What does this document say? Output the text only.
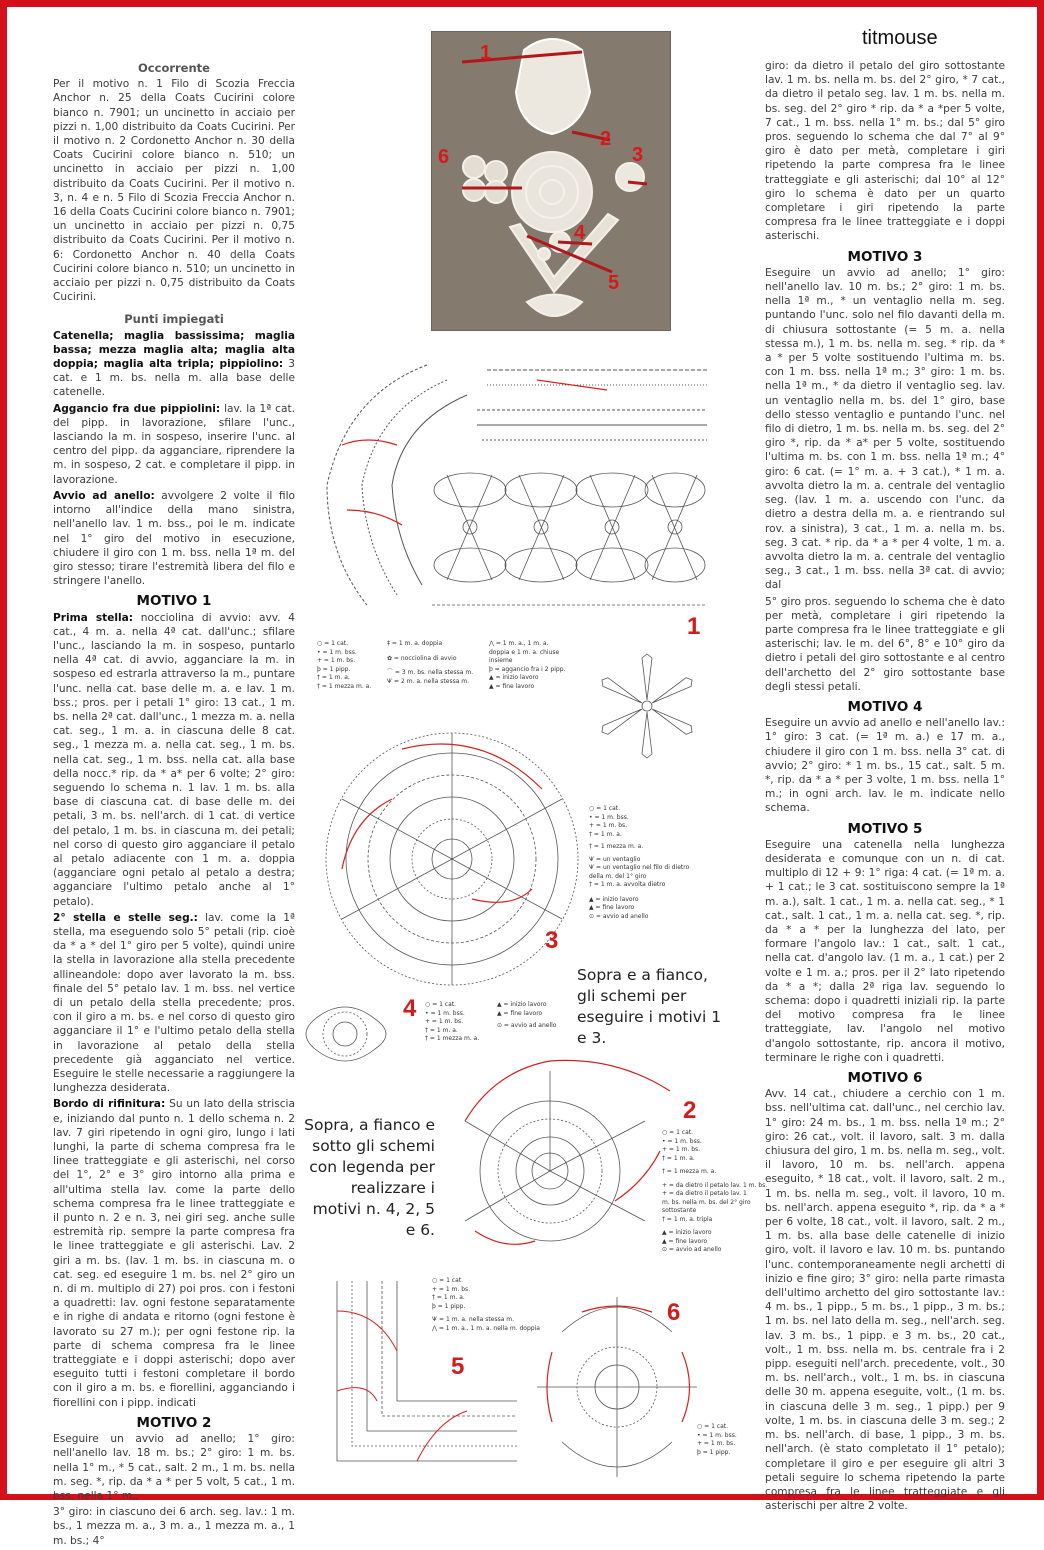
titmouse
Occorrente

Per il motivo n. 1 Filo di Scozia Freccia Anchor n. 25 della Coats Cucirini colore bianco n. 7901; un uncinetto in acciaio per pizzi n. 1,00 distribuito da Coats Cucirini. Per il motivo n. 2 Cordonetto Anchor n. 30 della Coats Cucirini colore bianco n. 510; un uncinetto in acciaio per pizzi n. 1,00 distribuito da Coats Cucirini. Per il motivo n. 3, n. 4 e n. 5 Filo di Scozia Freccia Anchor n. 16 della Coats Cucirini colore bianco n. 7901; un uncinetto in acciaio per pizzi n. 0,75 distribuito da Coats Cucirini. Per il motivo n. 6: Cordonetto Anchor n. 40 della Coats Cucirini colore bianco n. 510; un uncinetto in acciaio per pizzi n. 0,75 distribuito da Coats Cucirini.

Punti impiegati

Catenella; maglia bassissima; maglia bassa; mezza maglia alta; maglia alta doppia; maglia alta tripla; pippiolino: 3 cat. e 1 m. bs. nella m. alla base delle catenelle.

Aggancio fra due pippiolini: lav. la 1ª cat. del pipp. in lavorazione, sfilare l'unc., lasciando la m. in sospeso, inserire l'unc. al centro del pipp. da agganciare, riprendere la m. in sospeso, 2 cat. e completare il pipp. in lavorazione.

Avvio ad anello: avvolgere 2 volte il filo intorno all'indice della mano sinistra, nell'anello lav. 1 m. bss., poi le m. indicate nel 1° giro del motivo in esecuzione, chiudere il giro con 1 m. bss. nella 1ª m. del giro stesso; tirare l'estremità libera del filo e stringere l'anello.

MOTIVO 1

Prima stella: nocciolina di avvio: avv. 4 cat., 4 m. a. nella 4ª cat. dall'unc.; sfilare l'unc., lasciando la m. in sospeso, puntarlo nella 4ª cat. di avvio, agganciare la m. in sospeso ed estrarla attraverso la m., puntare l'unc. nella cat. base delle m. a. e lav. 1 m. bss.; pros. per i petali 1° giro: 13 cat., 1 m. bs. nella 2ª cat. dall'unc., 1 mezza m. a. nella cat. seg., 1 m. a. in ciascuna delle 8 cat. seg., 1 mezza m. a. nella cat. seg., 1 m. bs. nella cat. seg., 1 m. bss. nella cat. alla base della nocc.* rip. da * a* per 6 volte; 2° giro: seguendo lo schema n. 1 lav. 1 m. bs. alla base di ciascuna cat. di base delle m. dei petali, 3 m. bs. nell'arch. di 1 cat. di vertice del petalo, 1 m. bs. in ciascuna m. dei petali; nel corso di questo giro agganciare il petalo al petalo adiacente con 1 m. a. doppia (agganciare ogni petalo al petalo a destra; agganciare l'ultimo petalo anche al 1° petalo).

2° stella e stelle seg.: lav. come la 1ª stella, ma eseguendo solo 5° petali (rip. cioè da * a * del 1° giro per 5 volte), quindi unire la stella in lavorazione alla stella precedente allineandole: dopo aver lavorato la m. bss. finale del 5° petalo lav. 1 m. bss. nel vertice di un petalo della stella precedente; pros. con il giro a m. bs. e nel corso di questo giro agganciare il 1° e l'ultimo petalo della stella in lavorazione al petalo della stella precedente già agganciato nel vertice. Eseguire le stelle necessarie a raggiungere la lunghezza desiderata.

Bordo di rifinitura: Su un lato della striscia e, iniziando dal punto n. 1 dello schema n. 2 lav. 7 giri ripetendo in ogni giro, lungo i lati lunghi, la parte di schema compresa fra le linee tratteggiate e gli asterischi, nel corso del 1°, 2° e 3° giro intorno alla prima e all'ultima stella lav. come la parte dello schema compresa fra le linee tratteggiate e il punto n. 2 e n. 3, nei giri seg. anche sulle estremità rip. sempre la parte compresa fra le linee tratteggiate e gli asterischi. Lav. 2 giri a m. bs. (lav. 1 m. bs. in ciascuna m. o cat. seg. ed eseguire 1 m. bs. nel 2° giro un n. di m. multiplo di 27) poi pros. con i festoni a quadretti: lav. ogni festone separatamente e in righe di andata e ritorno (ogni festone è lavorato su 27 m.); per ogni festone rip. la parte di schema compresa fra le linee tratteggiate e i doppi asterischi; dopo aver eseguito tutti i festoni completare il bordo con il giro a m. bs. e fiorellini, agganciando i fiorellini con i pipp. indicati

MOTIVO 2

Eseguire un avvio ad anello; 1° giro: nell'anello lav. 18 m. bs.; 2° giro: 1 m. bs. nella 1° m., * 5 cat., salt. 2 m., 1 m. bs. nella m. seg. *, rip. da * a * per 5 volt, 5 cat., 1 m. bss. nella 1° m.,

3° giro: in ciascuno dei 6 arch. seg. lav.: 1 m. bs., 1 mezza m. a., 3 m. a., 1 mezza m. a., 1 m. bs.; 4°

giro: da dietro il petalo del giro sottostante lav. 1 m. bs. nella m. bs. del 2° giro, * 7 cat., da dietro il petalo seg. lav. 1 m. bs. nella m. bs. seg. del 2° giro * rip. da * a *per 5 volte, 7 cat., 1 m. bss. nella 1° m. bs.; dal 5° giro pros. seguendo lo schema che dal 7° al 9° giro è dato per metà, completare i giri ripetendo la parte compresa fra le linee tratteggiate e gli asterischi; dal 10° al 12° giro lo schema è dato per un quarto completare i giri ripetendo la parte compresa fra le linee tratteggiate e i doppi asterischi.

MOTIVO 3

Eseguire un avvio ad anello; 1° giro: nell'anello lav. 10 m. bs.; 2° giro: 1 m. bs. nella 1ª m., * un ventaglio nella m. seg. puntando l'unc. solo nel filo davanti della m. di chiusura sottostante (= 5 m. a. nella stessa m.), 1 m. bs. nella m. seg. * rip. da * a * per 5 volte sostituendo l'ultima m. bs. con 1 m. bss. nella 1ª m.; 3° giro: 1 m. bs. nella 1ª m., * da dietro il ventaglio seg. lav. un ventaglio nella m. bs. del 1° giro, base dello stesso ventaglio e puntando l'unc. nel filo di dietro, 1 m. bs. nella m. bs. seg. del 2° giro *, rip. da * a* per 5 volte, sostituendo l'ultima m. bs. con 1 m. bss. nella 1ª m.; 4° giro: 6 cat. (= 1° m. a. + 3 cat.), * 1 m. a. avvolta dietro la m. a. centrale del ventaglio seg. (lav. 1 m. a. uscendo con l'unc. da dietro a destra della m. a. e rientrando sul rov. a sinistra), 3 cat., 1 m. a. nella m. bs. seg. 3 cat. * rip. da * a * per 4 volte, 1 m. a. avvolta dietro la m. a. centrale del ventaglio seg., 3 cat., 1 m. bss. nella 3ª cat. di avvio; dal

5° giro pros. seguendo lo schema che è dato per metà, completare i giri ripetendo la parte compresa fra le linee tratteggiate e gli asterischi; lav. le m. del 6°, 8° e 10° giro da dietro i petali del giro sottostante e al centro dell'archetto del 2° giro sottostante base degli stessi petali.

MOTIVO 4

Eseguire un avvio ad anello e nell'anello lav.: 1° giro: 3 cat. (= 1ª m. a.) e 17 m. a., chiudere il giro con 1 m. bss. nella 3° cat. di avvio; 2° giro: * 1 m. bs., 15 cat., salt. 5 m. *, rip. da * a * per 3 volte, 1 m. bss. nella 1° m.; in ogni arch. lav. le m. indicate nello schema.

MOTIVO 5

Eseguire una catenella nella lunghezza desiderata e comunque con un n. di cat. multiplo di 12 + 9: 1° riga: 4 cat. (= 1ª m. a. + 1 cat.; le 3 cat. sostituiscono sempre la 1ª m. a.), salt. 1 cat., 1 m. a. nella cat. seg., * 1 cat., salt. 1 cat., 1 m. a. nella cat. seg. *, rip. da * a * per la lunghezza del lato, per formare l'angolo lav.: 1 cat., salt. 1 cat., nella cat. d'angolo lav. (1 m. a., 1 cat.) per 2 volte e 1 m. a.; pros. per il 2° lato ripetendo da * a *; dalla 2ª riga lav. seguendo lo schema: dopo i quadretti iniziali rip. la parte del motivo compresa fra le linee tratteggiate, lav. l'angolo nel motivo d'angolo sottostante, rip. ancora il motivo, terminare le righe con i quadretti.

MOTIVO 6

Avv. 14 cat., chiudere a cerchio con 1 m. bss. nell'ultima cat. dall'unc., nel cerchio lav. 1° giro: 24 m. bs., 1 m. bss. nella 1ª m.; 2° giro: 26 cat., volt. il lavoro, salt. 3 m. dalla chiusura del giro, 1 m. bs. nella m. seg., volt. il lavoro, 10 m. bs. nell'arch. appena eseguito, * 18 cat., volt. il lavoro, salt. 2 m., 1 m. bs. nella m. seg., volt. il lavoro, 10 m. bs. nell'arch. appena eseguito *, rip. da * a * per 6 volte, 18 cat., volt. il lavoro, salt. 2 m., 1 m. bs. alla base delle catenelle di inizio giro, volt. il lavoro e lav. 10 m. bs. puntando l'unc. contemporaneamente negli archetti di inizio e fine giro; 3° giro: nella parte rimasta dell'ultimo archetto del giro sottostante lav.: 4 m. bs., 1 pipp., 5 m. bs., 1 pipp., 3 m. bs.; 1 m. bs. nel lato della m. seg., nell'arch. seg. lav. 3 m. bs., 1 pipp. e 3 m. bs., 20 cat., volt., 1 m. bss. nella m. bs. centrale fra i 2 pipp. eseguiti nell'arch. precedente, volt., 30 m. bs. nell'arch., volt., 1 m. bs. in ciascuna delle 30 m. appena eseguite, volt., (1 m. bs. in ciascuna delle 3 m. seg., 1 pipp.) per 9 volte, 1 m. bs. in ciascuna delle 3 m. seg.; 2 m. bs. nell'arch. di base, 1 pipp., 3 m. bs. nell'arch. (è stato completato il 1° petalo); completare il giro e per eseguire gli altri 3 petali seguire lo schema ripetendo la parte compresa fra le linee tratteggiate e gli asterischi per altre 2 volte.

1
2
3
4
5
6
1
○ = 1 cat.
• = 1 m. bss.
+ = 1 m. bs.
ϸ = 1 pipp.
† = 1 m. a.
† = 1 mezza m. a.
‡ = 1 m. a. doppia
✿ = nocciolina di avvio
⌒ = 3 m. bs. nella stessa m.
Ѱ = 2 m. a. nella stessa m.
⋀ = 1 m. a., 1 m. a. doppia e 1 m. a. chiuse insieme
ϸ = aggancio fra i 2 pipp.
▲ = inizio lavoro
▲ = fine lavoro
3
○ = 1 cat.
• = 1 m. bss.
+ = 1 m. bs.
† = 1 m. a.
† = 1 mezza m. a.
Ѱ = un ventaglio
Ѱ = un ventaglio nel filo di dietro della m. del 1° giro
† = 1 m. a. avvolta dietro
▲ = inizio lavoro
▲ = fine lavoro
⊙ = avvio ad anello
Sopra e a fianco, gli schemi per eseguire i motivi 1 e 3.
4 ○ = 1 cat.
• = 1 m. bss.
+ = 1 m. bs.
† = 1 m. a.
† = 1 mezza m. a.
▲ = inizio lavoro
▲ = fine lavoro
⊙ = avvio ad anello
Sopra, a fianco e sotto gli schemi con legenda per realizzare i motivi n. 4, 2, 5 e 6.
2
○ = 1 cat.
• = 1 m. bss.
+ = 1 m. bs.
† = 1 m. a.
† = 1 mezza m. a.
+ = da dietro il petalo lav. 1 m. bs.
+ = da dietro il petalo lav. 1 m. bs. nella m. bs. del 2° giro sottostante
† = 1 m. a. tripla
▲ = inizio lavoro
▲ = fine lavoro
⊙ = avvio ad anello
5
○ = 1 cat.
+ = 1 m. bs.
† = 1 m. a.
ϸ = 1 pipp.
Ѱ = 1 m. a. nella stessa m.
⋀ = 1 m. a., 1 m. a. nella m. doppia
6
○ = 1 cat.
• = 1 m. bss.
+ = 1 m. bs.
ϸ = 1 pipp.
